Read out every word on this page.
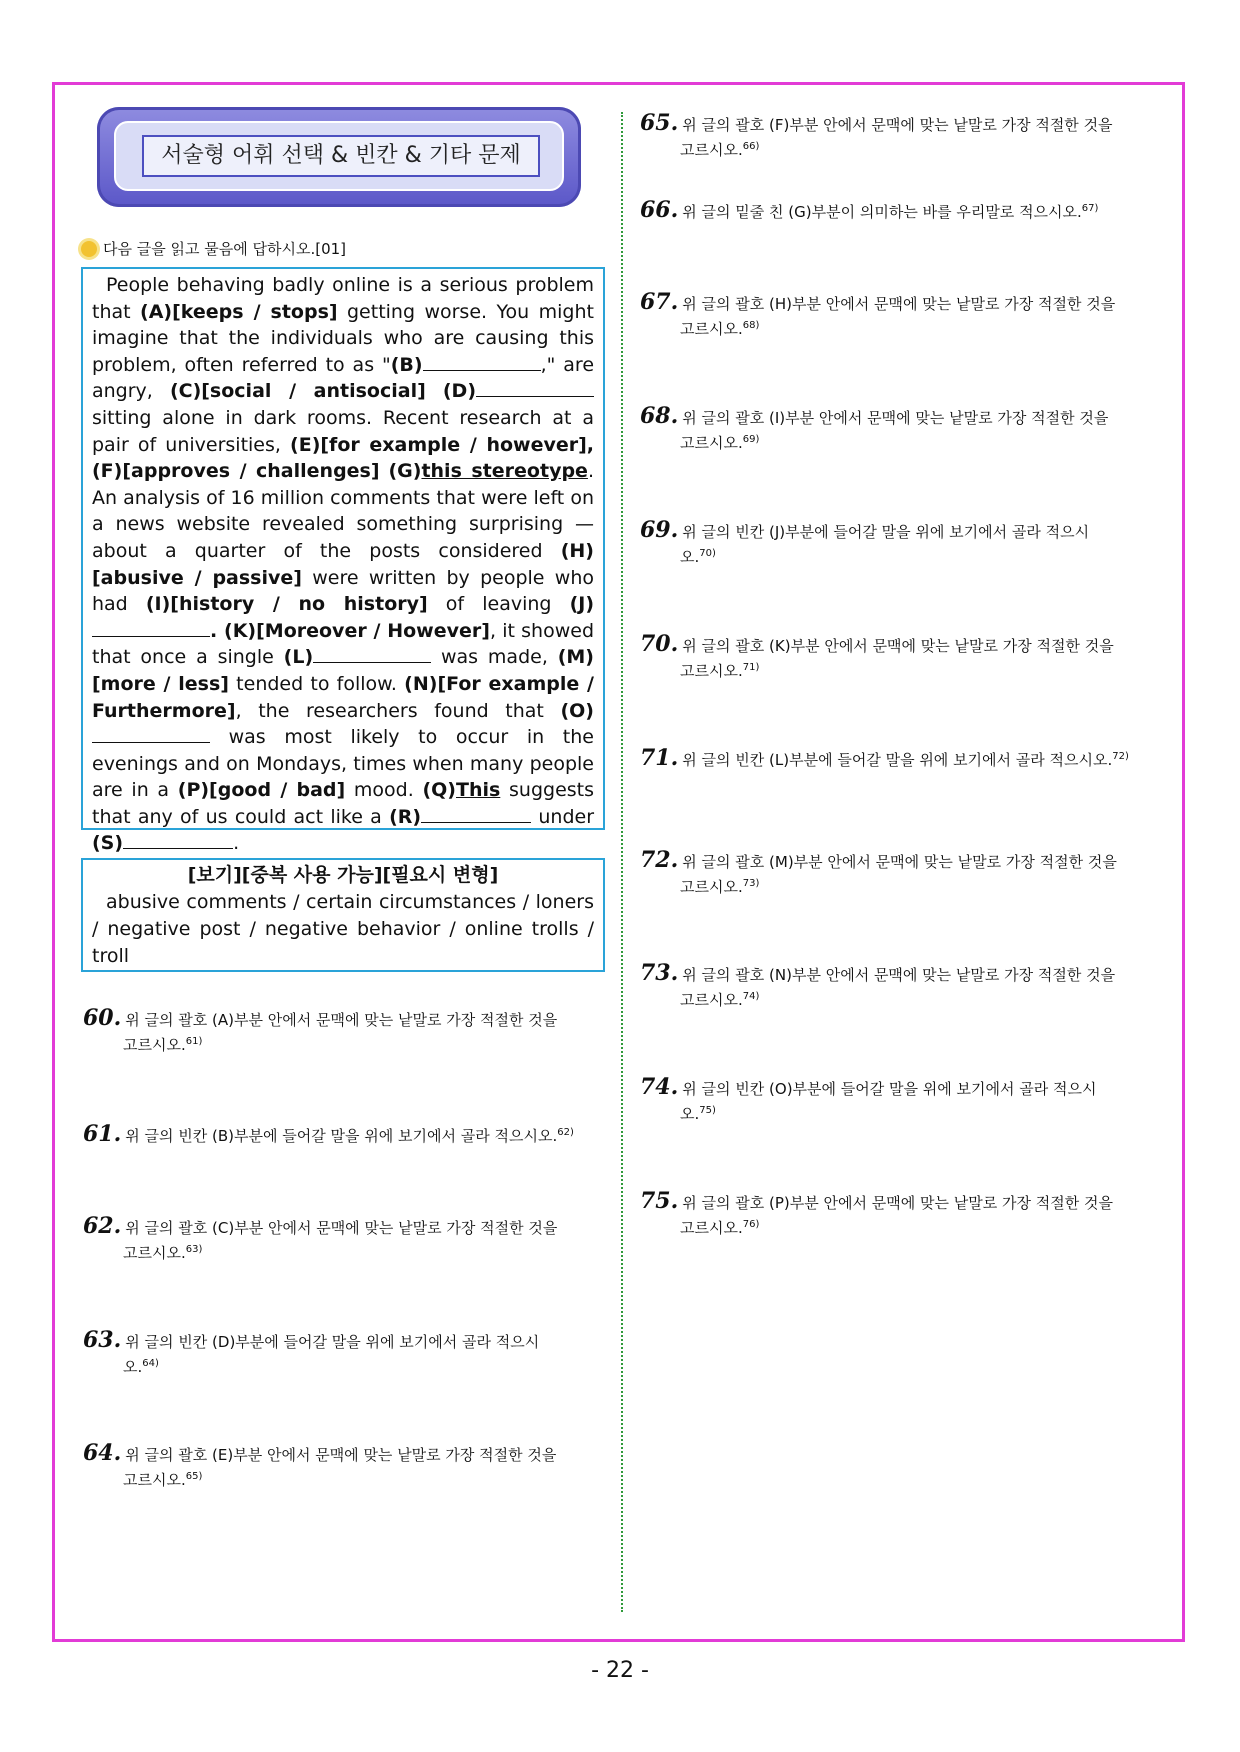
서술형 어휘 선택 & 빈칸 & 기타 문제
다음 글을 읽고 물음에 답하시오.[01]

People behaving badly online is a serious problem that (A)[keeps / stops] getting worse. You might imagine that the individuals who are causing this problem, often referred to as "(B)	," are angry, (C)[social / antisocial] (D) sitting alone in dark rooms. Recent research at a pair of universities, (E)[for example / however], (F)[approves / challenges] (G)this stereotype. An analysis of 16 million comments that were left on a news website revealed something surprising — about a quarter of the posts considered (H)[abusive / passive] were written by people who had (I)[history / no history] of leaving (J). (K)[Moreover / However], it showed that once a single (L)	was made, (M)[more / less] tended to follow. (N)[For example / Furthermore], the researchers found that (O) was most likely to occur in the evenings and on Mondays, times when many people are in a (P)[good / bad] mood. (Q)This suggests that any of us could act like a (R)	under (S)	.

[보기][중복 사용 가능][필요시 변형]
abusive comments / certain circumstances / loners / negative post / negative behavior / online trolls / troll
60. 위 글의 괄호 (A)부분 안에서 문맥에 맞는 낱말로 가장 적절한 것을
고르시오.$^{61)}$
61. 위 글의 빈칸 (B)부분에 들어갈 말을 위에 보기에서 골라 적으시오.$^{62)}$
62. 위 글의 괄호 (C)부분 안에서 문맥에 맞는 낱말로 가장 적절한 것을
고르시오.$^{63)}$
63. 위 글의 빈칸 (D)부분에 들어갈 말을 위에 보기에서 골라 적으시
오.$^{64)}$
64. 위 글의 괄호 (E)부분 안에서 문맥에 맞는 낱말로 가장 적절한 것을
고르시오.$^{65)}$
65. 위 글의 괄호 (F)부분 안에서 문맥에 맞는 낱말로 가장 적절한 것을
고르시오.$^{66)}$
66. 위 글의 밑줄 친 (G)부분이 의미하는 바를 우리말로 적으시오.$^{67)}$
67. 위 글의 괄호 (H)부분 안에서 문맥에 맞는 낱말로 가장 적절한 것을
고르시오.$^{68)}$
68. 위 글의 괄호 (I)부분 안에서 문맥에 맞는 낱말로 가장 적절한 것을
고르시오.$^{69)}$
69. 위 글의 빈칸 (J)부분에 들어갈 말을 위에 보기에서 골라 적으시
오.$^{70)}$
70. 위 글의 괄호 (K)부분 안에서 문맥에 맞는 낱말로 가장 적절한 것을
고르시오.$^{71)}$
71. 위 글의 빈칸 (L)부분에 들어갈 말을 위에 보기에서 골라 적으시오.$^{72)}$
72. 위 글의 괄호 (M)부분 안에서 문맥에 맞는 낱말로 가장 적절한 것을
고르시오.$^{73)}$
73. 위 글의 괄호 (N)부분 안에서 문맥에 맞는 낱말로 가장 적절한 것을
고르시오.$^{74)}$
74. 위 글의 빈칸 (O)부분에 들어갈 말을 위에 보기에서 골라 적으시
오.$^{75)}$
75. 위 글의 괄호 (P)부분 안에서 문맥에 맞는 낱말로 가장 적절한 것을
고르시오.$^{76)}$
- 22 -
